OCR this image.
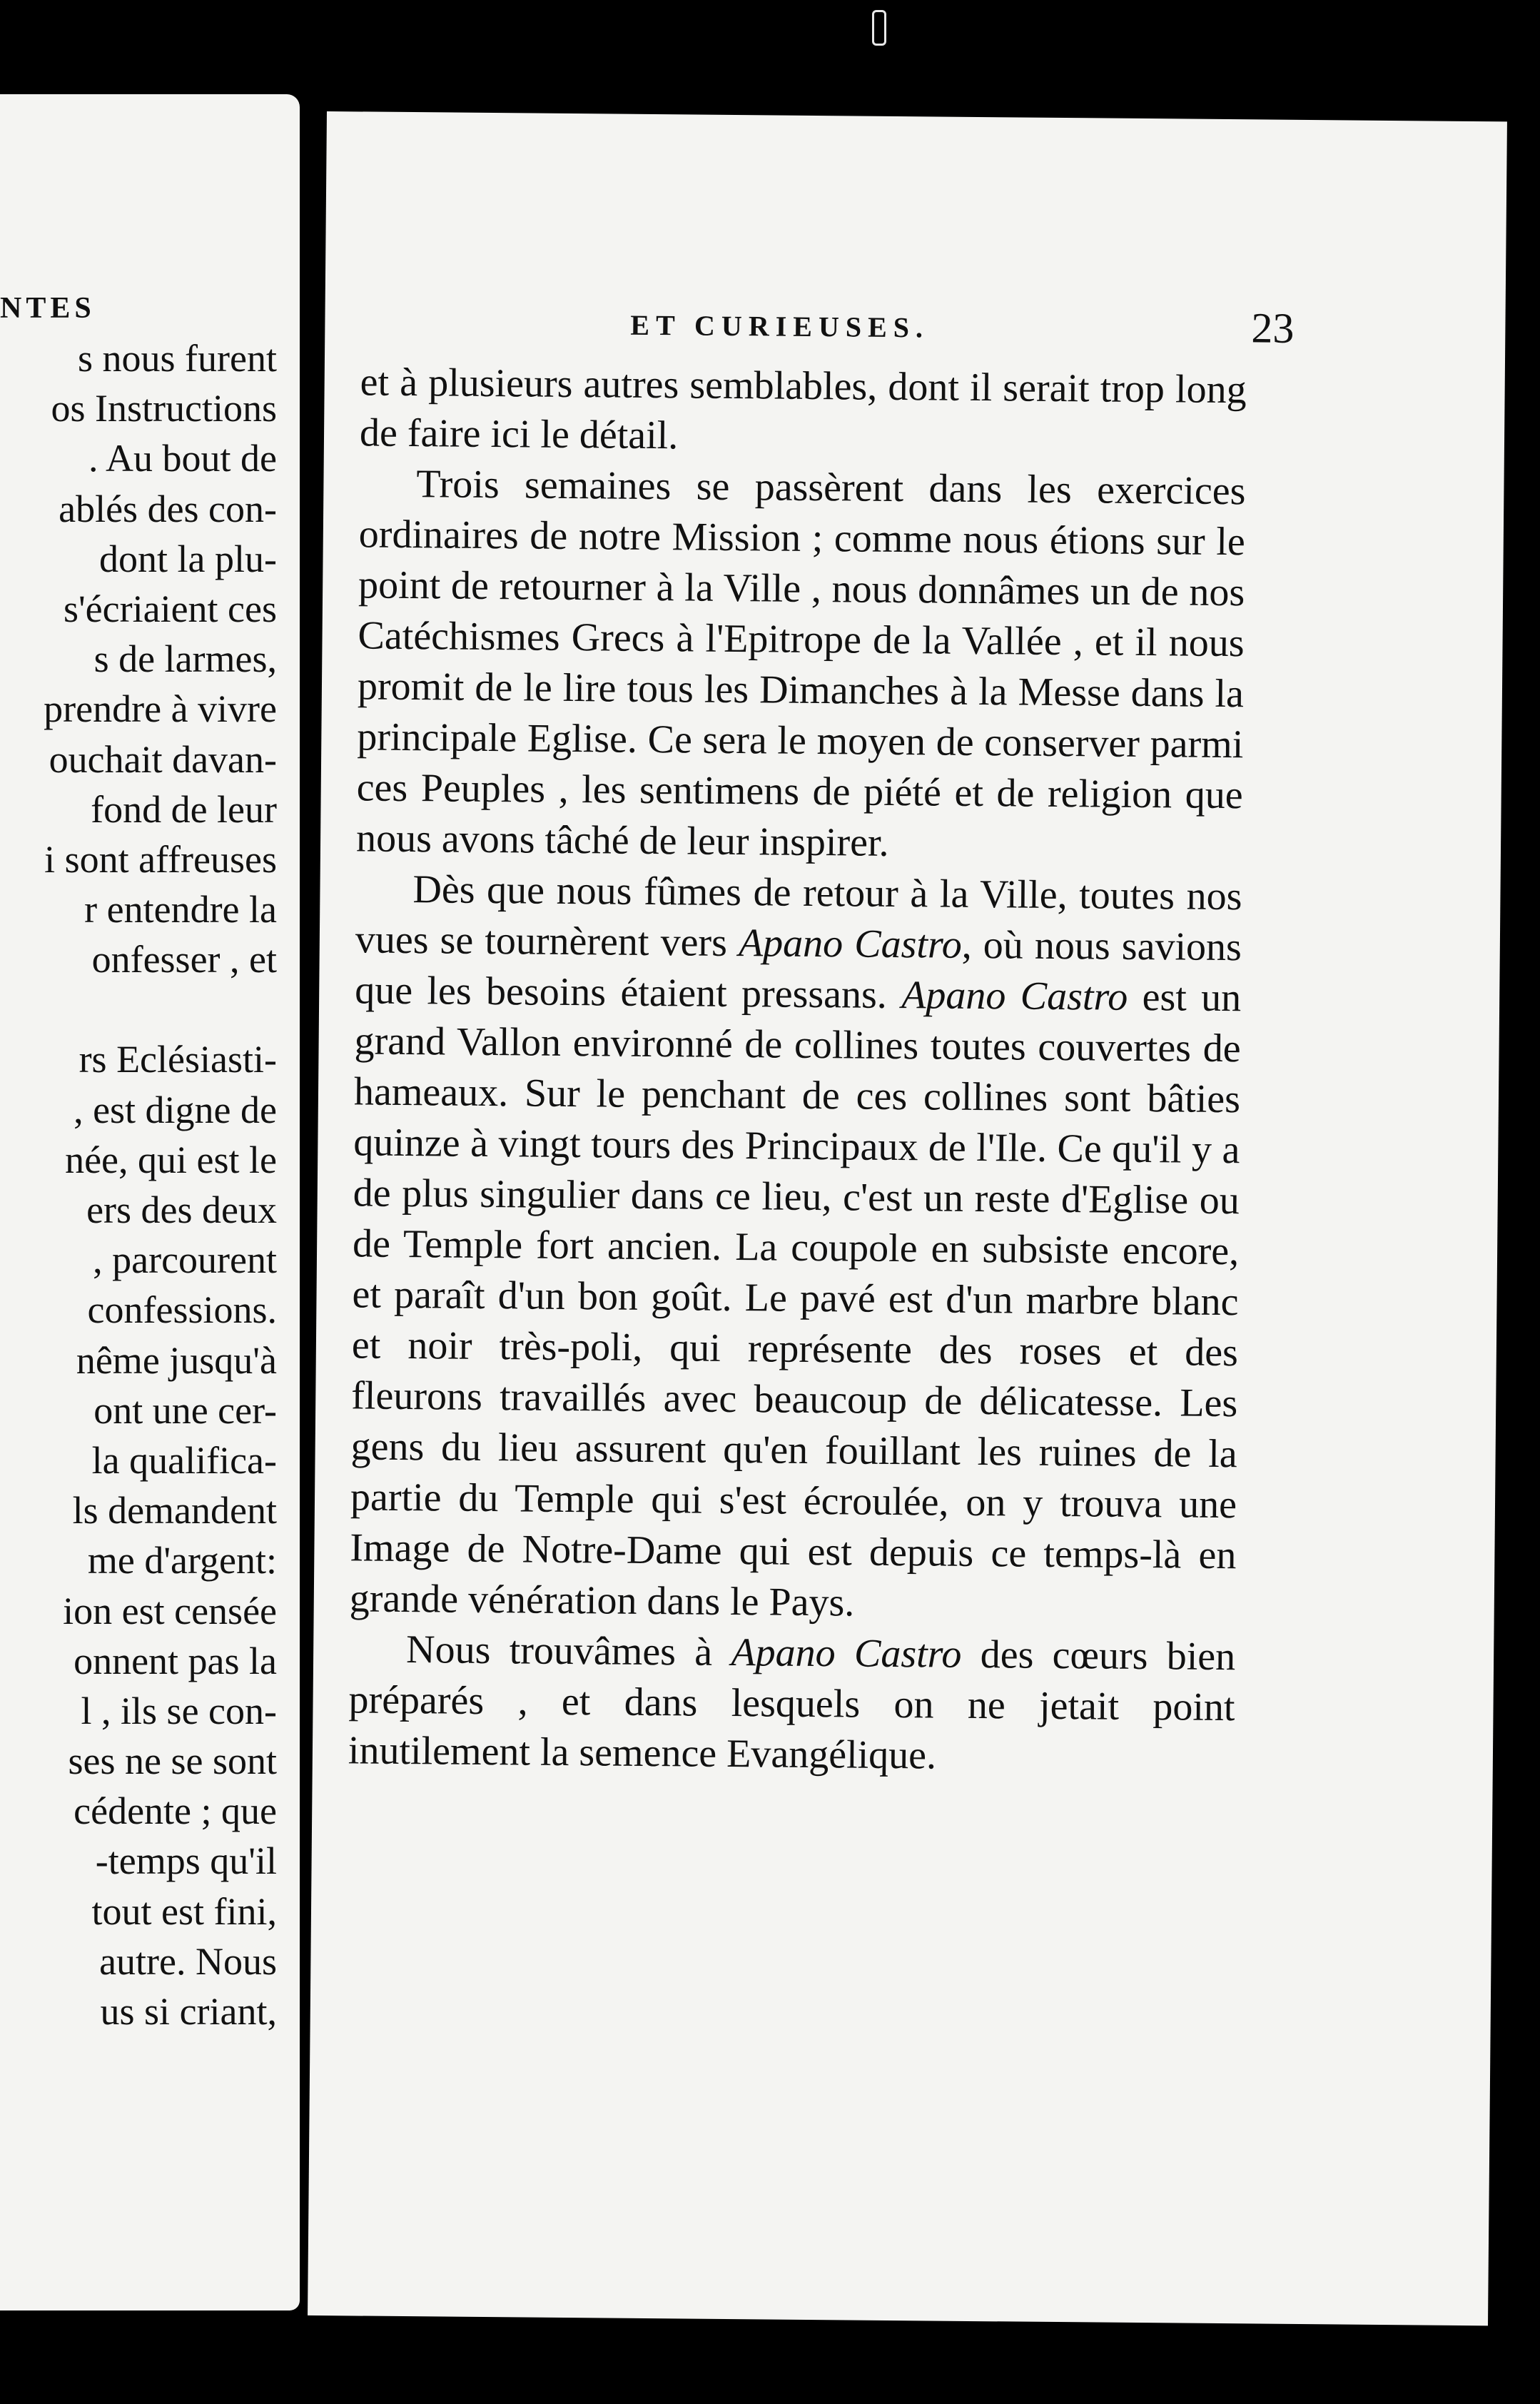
NTES
s nous furent
os Instructions
. Au bout de
ablés des con-
dont la plu-
s'écriaient ces
s de larmes,
prendre à vivre
ouchait davan-
fond de leur
i sont affreuses
r entendre la
onfesser , et
rs Eclésiasti-
, est digne de
née, qui est le
ers des deux
, parcourent
confessions.
nême jusqu'à
ont une cer-
la qualifica-
ls demandent
me d'argent:
ion est censée
onnent pas la
l , ils se con-
ses ne se sont
cédente ; que
-temps qu'il
tout est fini,
autre. Nous
us si criant,
ET CURIEUSES.	23

et à plusieurs autres semblables, dont il serait trop long de faire ici le détail.

Trois semaines se passèrent dans les exercices ordinaires de notre Mission ; comme nous étions sur le point de retourner à la Ville , nous donnâmes un de nos Catéchismes Grecs à l'Epitrope de la Vallée , et il nous promit de le lire tous les Dimanches à la Messe dans la principale Eglise. Ce sera le moyen de conserver parmi ces Peuples , les sentimens de piété et de religion que nous avons tâché de leur inspirer.

Dès que nous fûmes de retour à la Ville, toutes nos vues se tournèrent vers Apano Castro, où nous savions que les besoins étaient pressans. Apano Castro est un grand Vallon environné de collines toutes couvertes de hameaux. Sur le penchant de ces collines sont bâties quinze à vingt tours des Principaux de l'Ile. Ce qu'il y a de plus singulier dans ce lieu, c'est un reste d'Eglise ou de Temple fort ancien. La coupole en subsiste encore, et paraît d'un bon goût. Le pavé est d'un marbre blanc et noir très-poli, qui représente des roses et des fleurons travaillés avec beaucoup de délicatesse. Les gens du lieu assurent qu'en fouillant les ruines de la partie du Temple qui s'est écroulée, on y trouva une Image de Notre-Dame qui est depuis ce temps-là en grande vénération dans le Pays.

Nous trouvâmes à Apano Castro des cœurs bien préparés , et dans lesquels on ne jetait point inutilement la semence Evangélique.
